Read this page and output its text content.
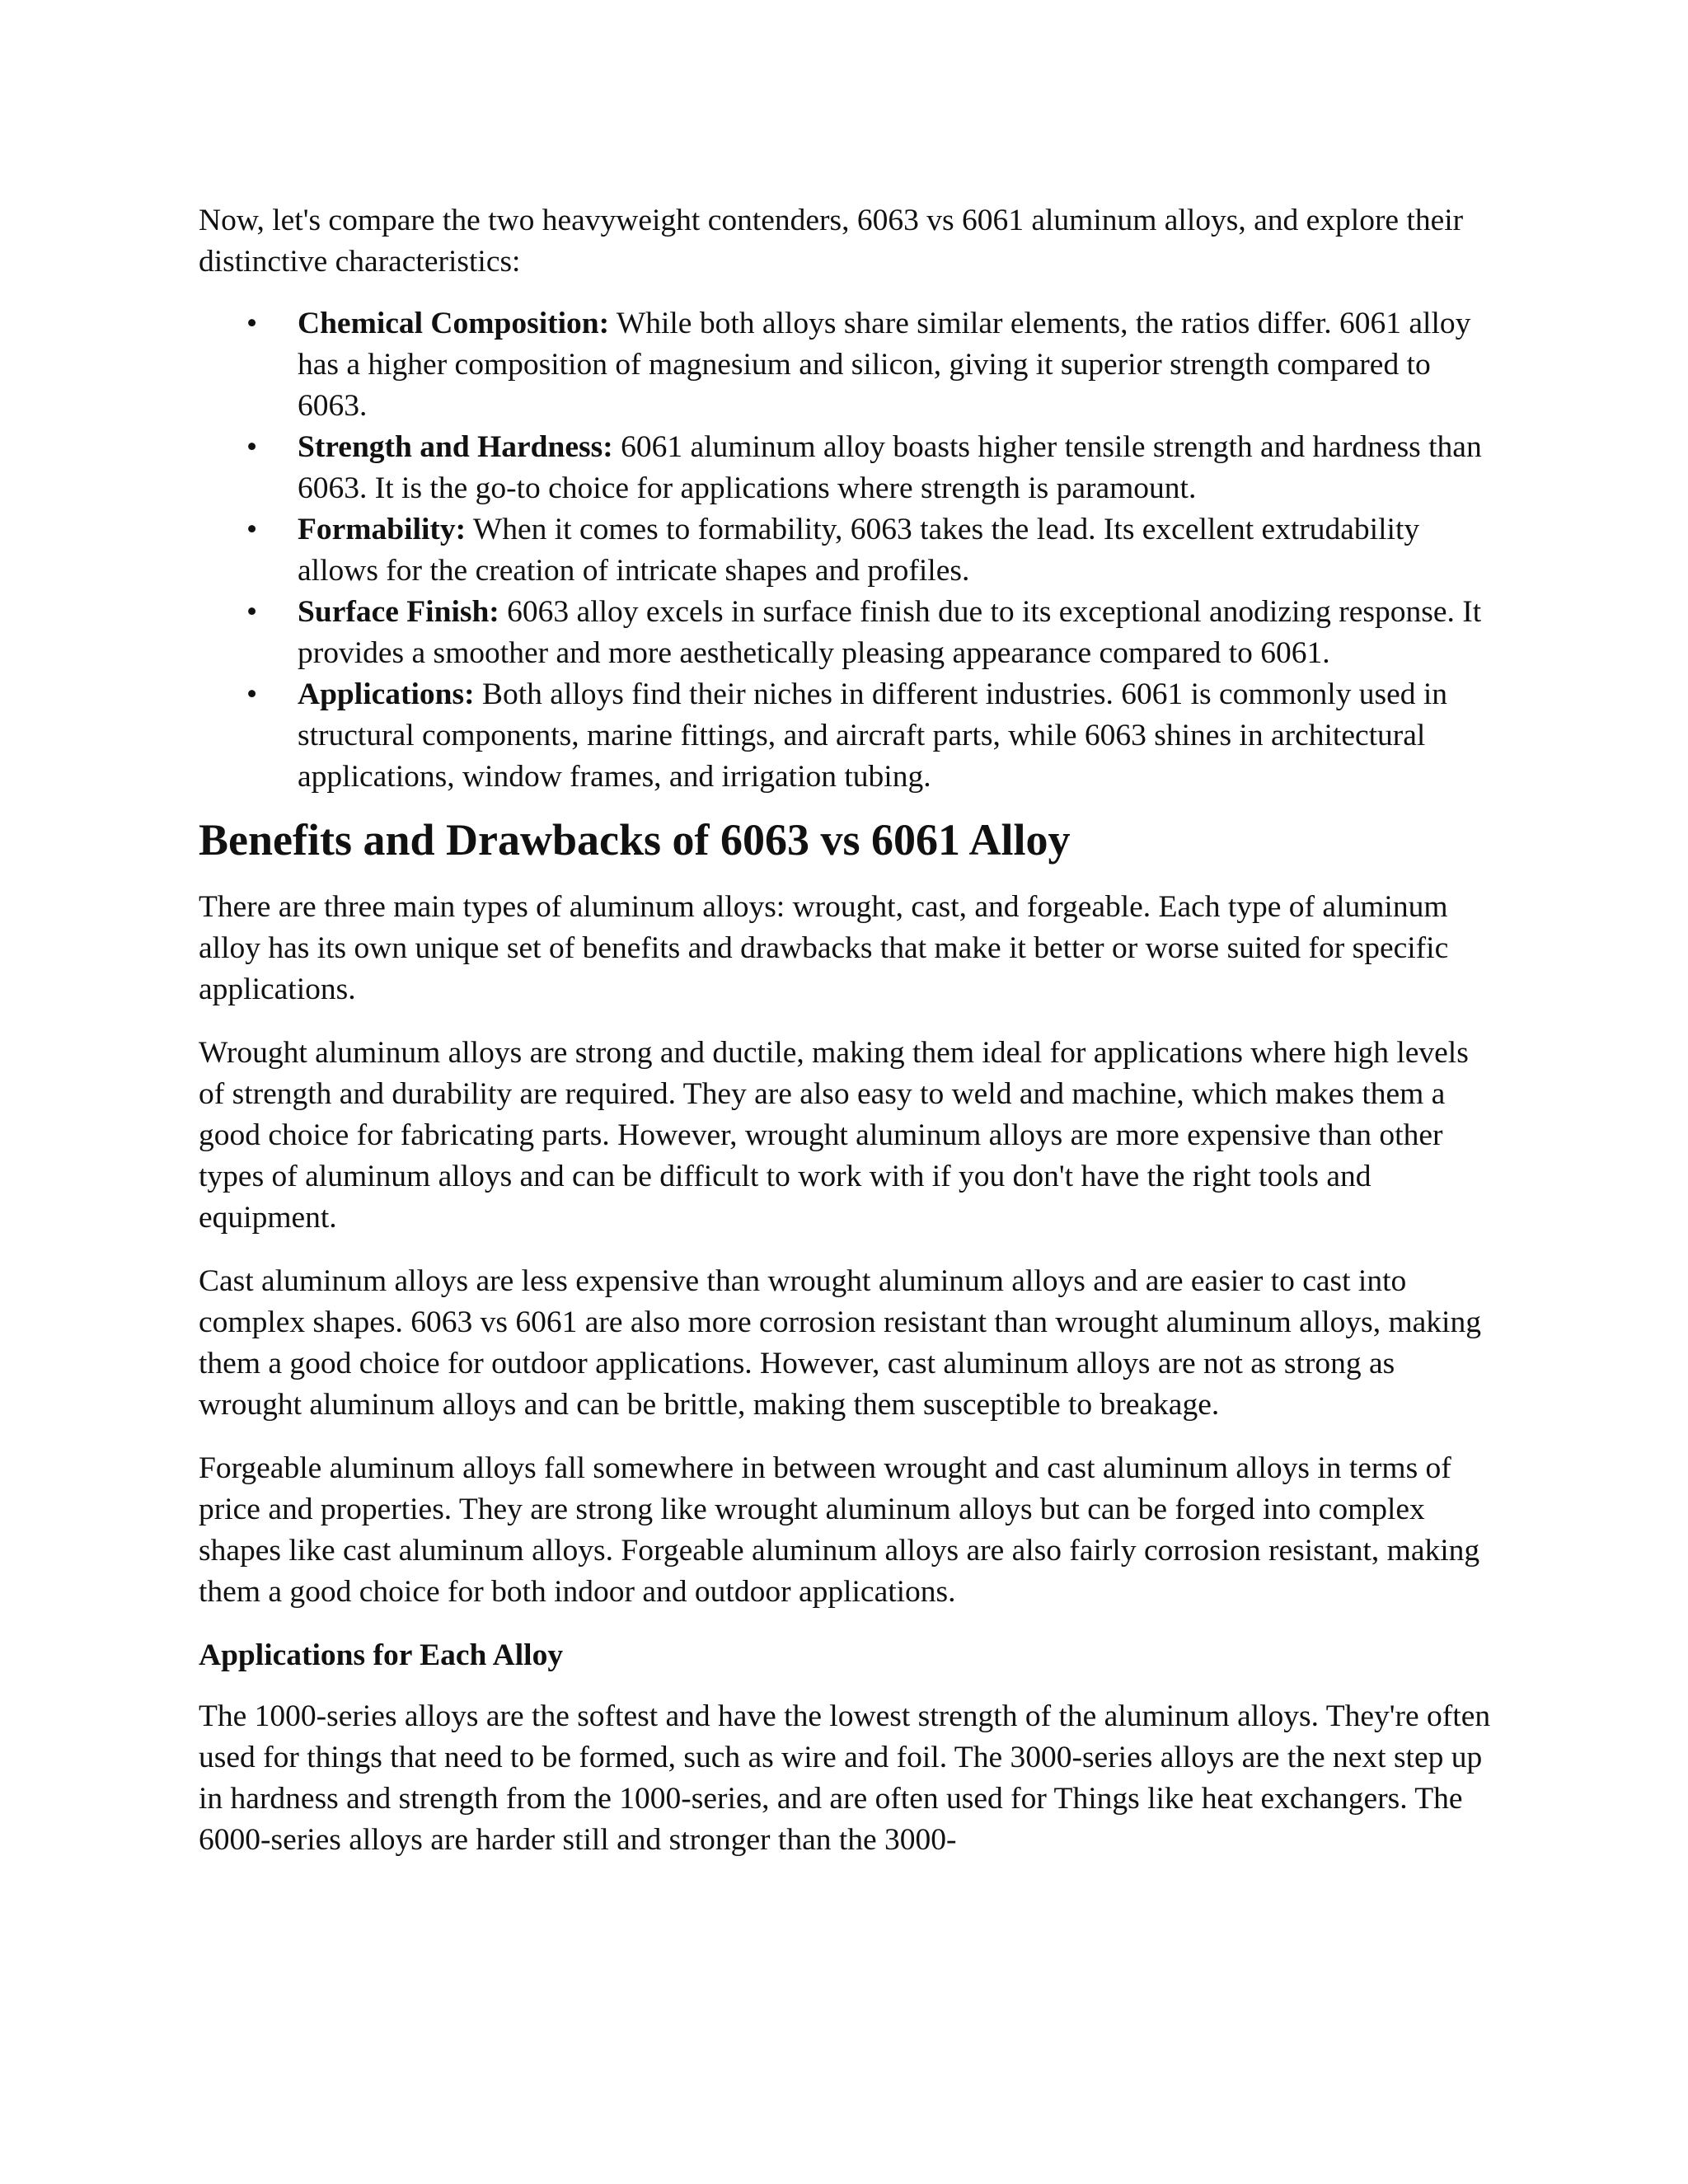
Now, let's compare the two heavyweight contenders, 6063 vs 6061 aluminum alloys, and explore their distinctive characteristics:

• Chemical Composition: While both alloys share similar elements, the ratios differ. 6061 alloy has a higher composition of magnesium and silicon, giving it superior strength compared to 6063.
• Strength and Hardness: 6061 aluminum alloy boasts higher tensile strength and hardness than 6063. It is the go-to choice for applications where strength is paramount.
• Formability: When it comes to formability, 6063 takes the lead. Its excellent extrudability allows for the creation of intricate shapes and profiles.
• Surface Finish: 6063 alloy excels in surface finish due to its exceptional anodizing response. It provides a smoother and more aesthetically pleasing appearance compared to 6061.
• Applications: Both alloys find their niches in different industries. 6061 is commonly used in structural components, marine fittings, and aircraft parts, while 6063 shines in architectural applications, window frames, and irrigation tubing.
Benefits and Drawbacks of 6063 vs 6061 Alloy

There are three main types of aluminum alloys: wrought, cast, and forgeable. Each type of aluminum alloy has its own unique set of benefits and drawbacks that make it better or worse suited for specific applications.

Wrought aluminum alloys are strong and ductile, making them ideal for applications where high levels of strength and durability are required. They are also easy to weld and machine, which makes them a good choice for fabricating parts. However, wrought aluminum alloys are more expensive than other types of aluminum alloys and can be difficult to work with if you don't have the right tools and equipment.

Cast aluminum alloys are less expensive than wrought aluminum alloys and are easier to cast into complex shapes. 6063 vs 6061 are also more corrosion resistant than wrought aluminum alloys, making them a good choice for outdoor applications. However, cast aluminum alloys are not as strong as wrought aluminum alloys and can be brittle, making them susceptible to breakage.

Forgeable aluminum alloys fall somewhere in between wrought and cast aluminum alloys in terms of price and properties. They are strong like wrought aluminum alloys but can be forged into complex shapes like cast aluminum alloys. Forgeable aluminum alloys are also fairly corrosion resistant, making them a good choice for both indoor and outdoor applications.

Applications for Each Alloy

The 1000-series alloys are the softest and have the lowest strength of the aluminum alloys. They're often used for things that need to be formed, such as wire and foil. The 3000-series alloys are the next step up in hardness and strength from the 1000-series, and are often used for Things like heat exchangers. The 6000-series alloys are harder still and stronger than the 3000-
